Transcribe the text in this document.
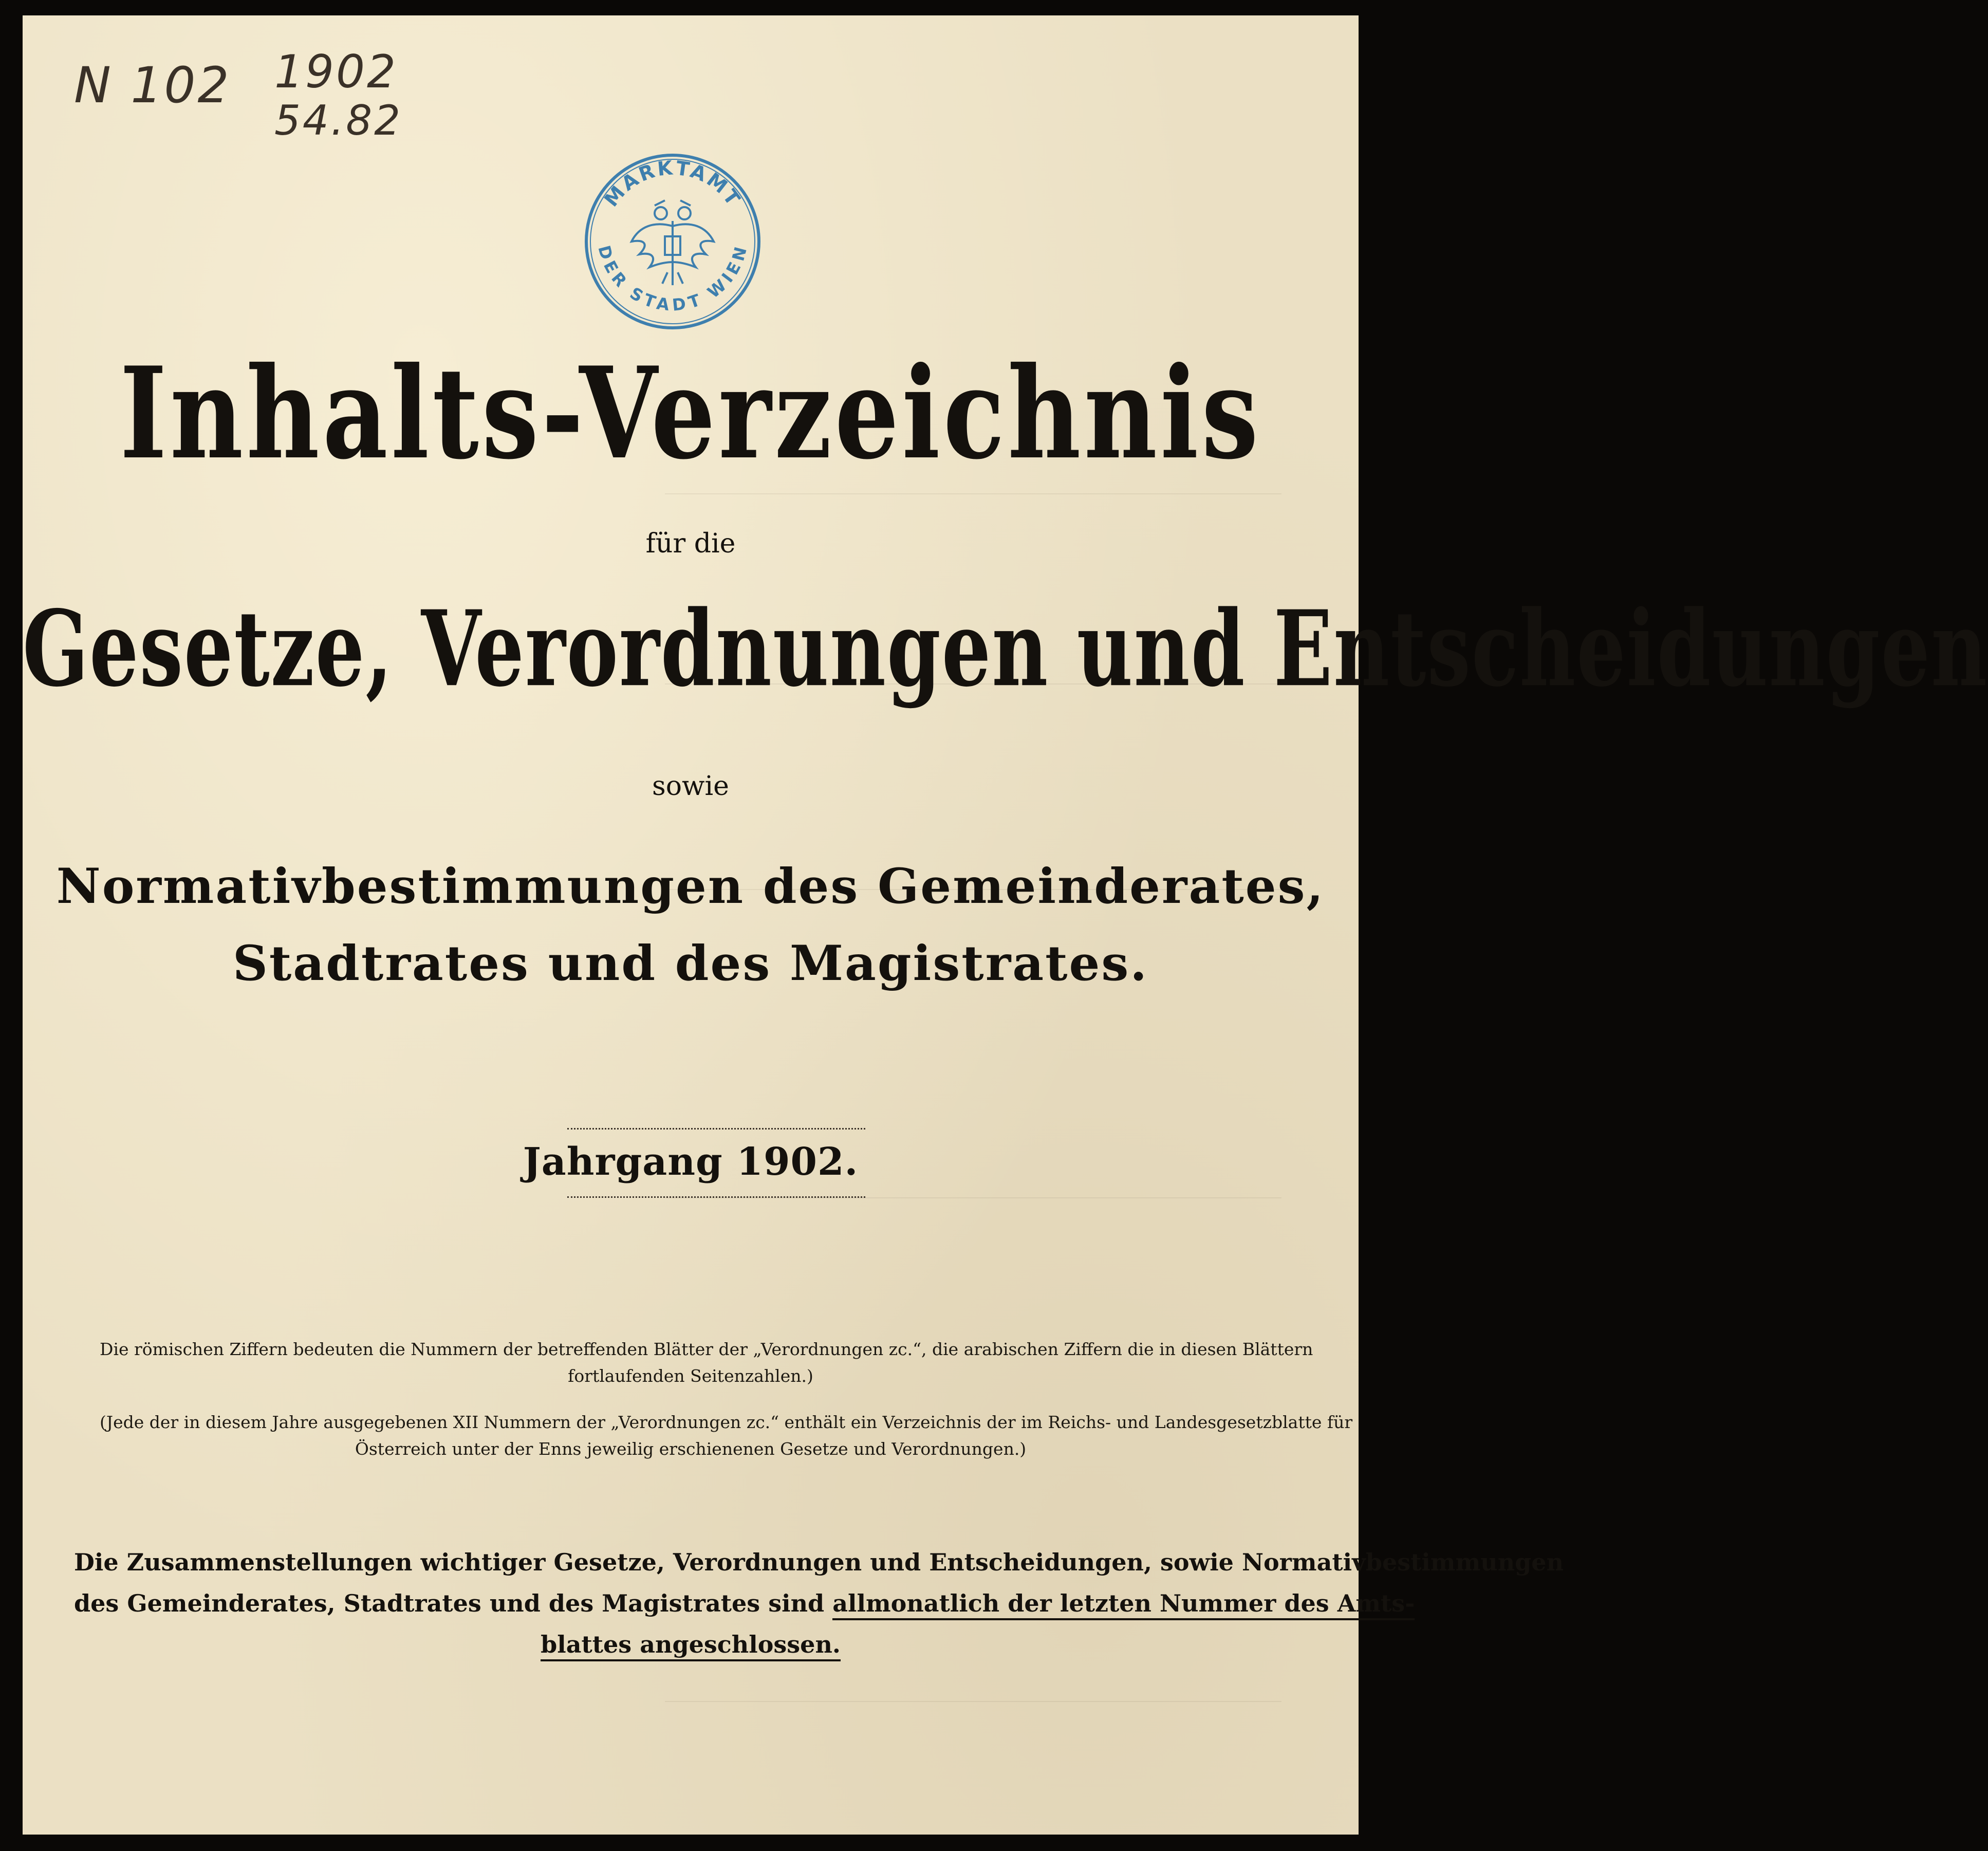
N 102 1902
54.82
MARKTAMT
DER STADT WIEN
Inhalts-Verzeichnis
für die
Gesetze, Verordnungen und Entscheidungen
sowie
Normativbestimmungen des Gemeinderates,
Stadtrates und des Magistrates.
Jahrgang 1902.
Die römischen Ziffern bedeuten die Nummern der betreffenden Blätter der „Verordnungen zc.“, die arabischen Ziffern die in diesen Blättern
fortlaufenden Seitenzahlen.)
(Jede der in diesem Jahre ausgegebenen XII Nummern der „Verordnungen zc.“ enthält ein Verzeichnis der im Reichs- und Landesgesetzblatte für
Österreich unter der Enns jeweilig erschienenen Gesetze und Verordnungen.)
Die Zusammenstellungen wichtiger Gesetze, Verordnungen und Entscheidungen, sowie Normativbestimmungen
des Gemeinderates, Stadtrates und des Magistrates sind allmonatlich der letzten Nummer des Amts-
blattes angeschlossen.
